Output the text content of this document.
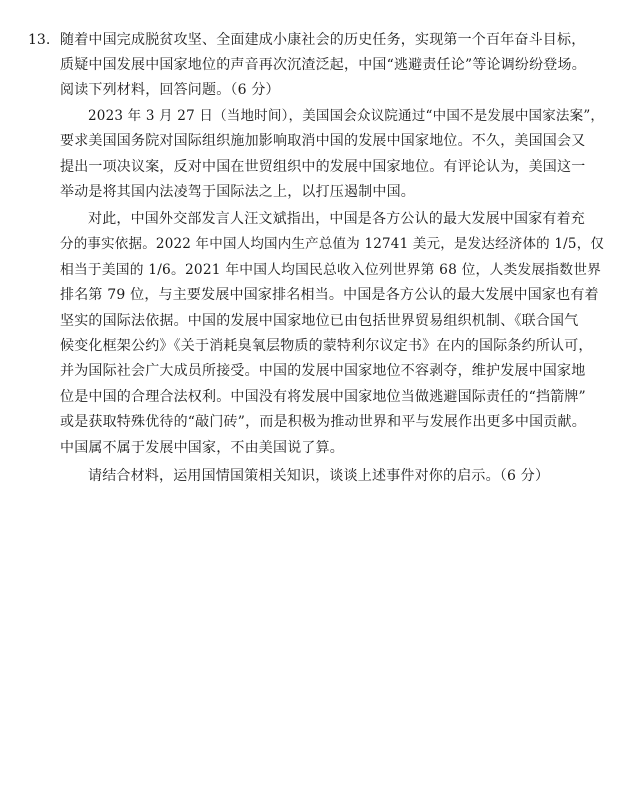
13. 随着中国完成脱贫攻坚、全面建成小康社会的历史任务，实现第一个百年奋斗目标，
质疑中国发展中国家地位的声音再次沉渣泛起，中国“逃避责任论”等论调纷纷登场。
阅读下列材料，回答问题。（6 分）
2023 年 3 月 27 日（当地时间），美国国会众议院通过“中国不是发展中国家法案”，
要求美国国务院对国际组织施加影响取消中国的发展中国家地位。不久，美国国会又
提出一项决议案，反对中国在世贸组织中的发展中国家地位。有评论认为，美国这一
举动是将其国内法凌驾于国际法之上，以打压遏制中国。
对此，中国外交部发言人汪文斌指出，中国是各方公认的最大发展中国家有着充
分的事实依据。2022 年中国人均国内生产总值为 12741 美元，是发达经济体的 1/5，仅
相当于美国的 1/6。2021 年中国人均国民总收入位列世界第 68 位，人类发展指数世界
排名第 79 位，与主要发展中国家排名相当。中国是各方公认的最大发展中国家也有着
坚实的国际法依据。中国的发展中国家地位已由包括世界贸易组织机制、《联合国气
候变化框架公约》《关于消耗臭氧层物质的蒙特利尔议定书》在内的国际条约所认可，
并为国际社会广大成员所接受。中国的发展中国家地位不容剥夺，维护发展中国家地
位是中国的合理合法权利。中国没有将发展中国家地位当做逃避国际责任的“挡箭牌”
或是获取特殊优待的“敲门砖”，而是积极为推动世界和平与发展作出更多中国贡献。
中国属不属于发展中国家，不由美国说了算。
请结合材料，运用国情国策相关知识，谈谈上述事件对你的启示。（6 分）
